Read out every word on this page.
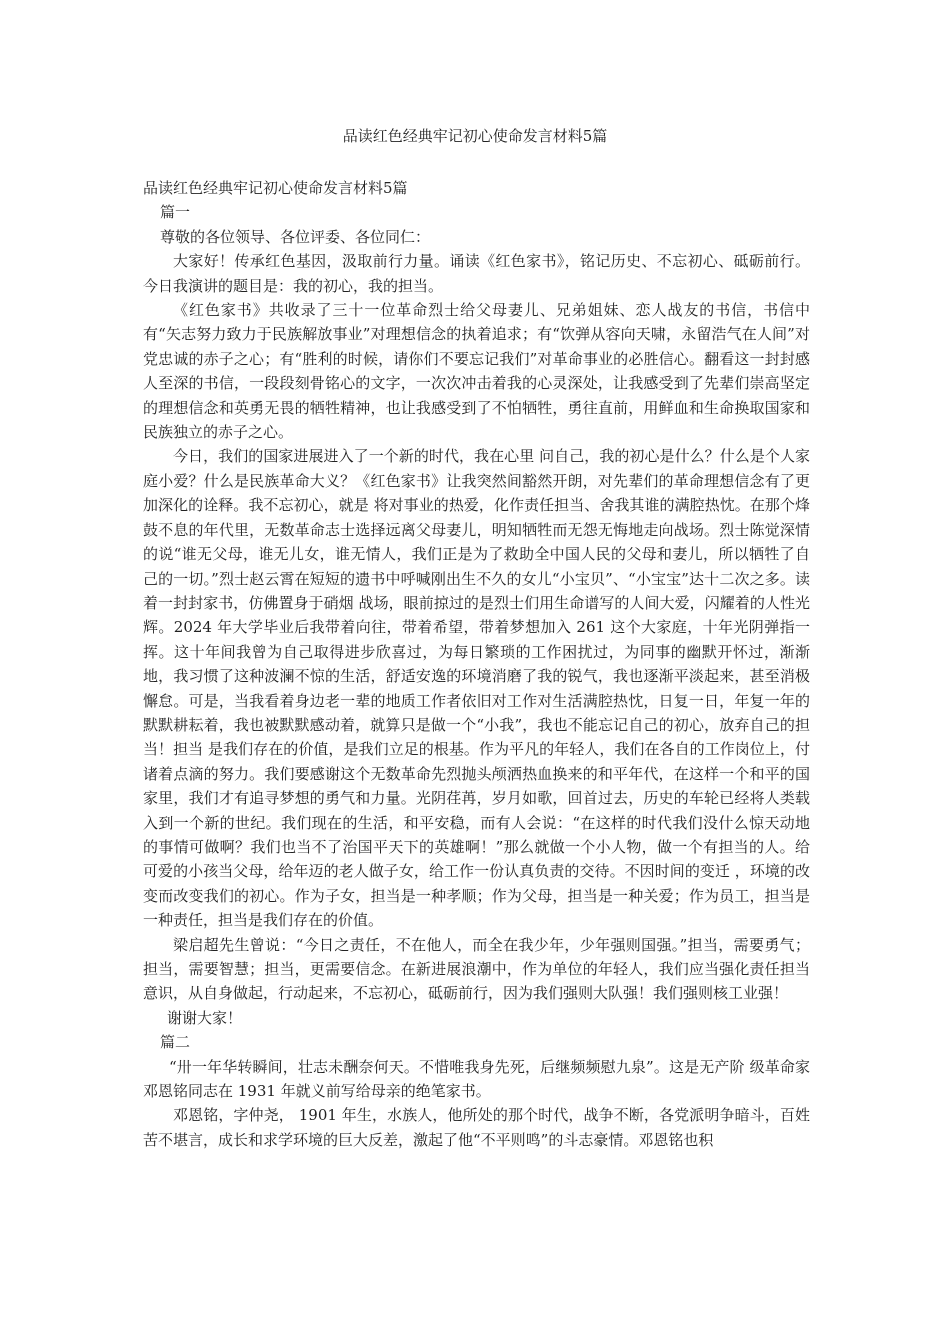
品读红色经典牢记初心使命发言材料5篇

品读红色经典牢记初心使命发言材料5篇

篇一

尊敬的各位领导、各位评委、各位同仁：

大家好！传承红色基因，汲取前行力量。诵读《红色家书》，铭记历史、不忘初心、砥砺前行。今日我演讲的题目是：我的初心，我的担当。

《红色家书》共收录了三十一位革命烈士给父母妻儿、兄弟姐妹、恋人战友的书信，书信中有“矢志努力致力于民族解放事业”对理想信念的执着追求；有“饮弹从容向天啸，永留浩气在人间”对党忠诚的赤子之心；有“胜利的时候，请你们不要忘记我们”对革命事业的必胜信心。翻看这一封封感人至深的书信，一段段刻骨铭心的文字，一次次冲击着我的心灵深处，让我感受到了先辈们崇高坚定的理想信念和英勇无畏的牺牲精神，也让我感受到了不怕牺牲，勇往直前，用鲜血和生命换取国家和民族独立的赤子之心。

今日，我们的国家进展进入了一个新的时代，我在心里 问自己，我的初心是什么？什么是个人家庭小爱？什么是民族革命大义？《红色家书》让我突然间豁然开朗，对先辈们的革命理想信念有了更加深化的诠释。我不忘初心，就是 将对事业的热爱，化作责任担当、舍我其谁的满腔热忱。在那个烽鼓不息的年代里，无数革命志士选择远离父母妻儿，明知牺牲而无怨无悔地走向战场。烈士陈觉深情的说“谁无父母，谁无儿女，谁无情人，我们正是为了救助全中国人民的父母和妻儿，所以牺牲了自己的一切。”烈士赵云霄在短短的遗书中呼喊刚出生不久的女儿“小宝贝”、“小宝宝”达十二次之多。读着一封封家书，仿佛置身于硝烟 战场，眼前掠过的是烈士们用生命谱写的人间大爱，闪耀着的人性光辉。2024 年大学毕业后我带着向往，带着希望，带着梦想加入 261 这个大家庭，十年光阴弹指一挥。这十年间我曾为自己取得进步欣喜过，为每日繁琐的工作困扰过，为同事的幽默开怀过，渐渐地，我习惯了这种波澜不惊的生活，舒适安逸的环境消磨了我的锐气，我也逐渐平淡起来，甚至消极懈怠。可是，当我看着身边老一辈的地质工作者依旧对工作对生活满腔热忱，日复一日，年复一年的默默耕耘着，我也被默默感动着，就算只是做一个“小我”，我也不能忘记自己的初心，放弃自己的担当！担当 是我们存在的价值，是我们立足的根基。作为平凡的年轻人，我们在各自的工作岗位上，付诸着点滴的努力。我们要感谢这个无数革命先烈抛头颅洒热血换来的和平年代，在这样一个和平的国家里，我们才有追寻梦想的勇气和力量。光阴荏苒，岁月如歌，回首过去，历史的车轮已经将人类载入到一个新的世纪。我们现在的生活，和平安稳，而有人会说：“在这样的时代我们没什么惊天动地的事情可做啊？我们也当不了治国平天下的英雄啊！”那么就做一个小人物，做一个有担当的人。给可爱的小孩当父母，给年迈的老人做子女，给工作一份认真负责的交待。不因时间的变迁 ，环境的改变而改变我们的初心。作为子女，担当是一种孝顺；作为父母，担当是一种关爱；作为员工，担当是一种责任，担当是我们存在的价值。

梁启超先生曾说：“今日之责任，不在他人，而全在我少年，少年强则国强。”担当，需要勇气；担当，需要智慧；担当，更需要信念。在新进展浪潮中，作为单位的年轻人，我们应当强化责任担当意识，从自身做起，行动起来，不忘初心，砥砺前行，因为我们强则大队强！我们强则核工业强！

谢谢大家！

篇二

“卅一年华转瞬间，壮志未酬奈何天。不惜唯我身先死，后继频频慰九泉”。这是无产阶 级革命家邓恩铭同志在 1931 年就义前写给母亲的绝笔家书。

邓恩铭，字仲尧， 1901 年生，水族人，他所处的那个时代，战争不断，各党派明争暗斗，百姓苦不堪言，成长和求学环境的巨大反差，激起了他“不平则鸣”的斗志豪情。邓恩铭也积
